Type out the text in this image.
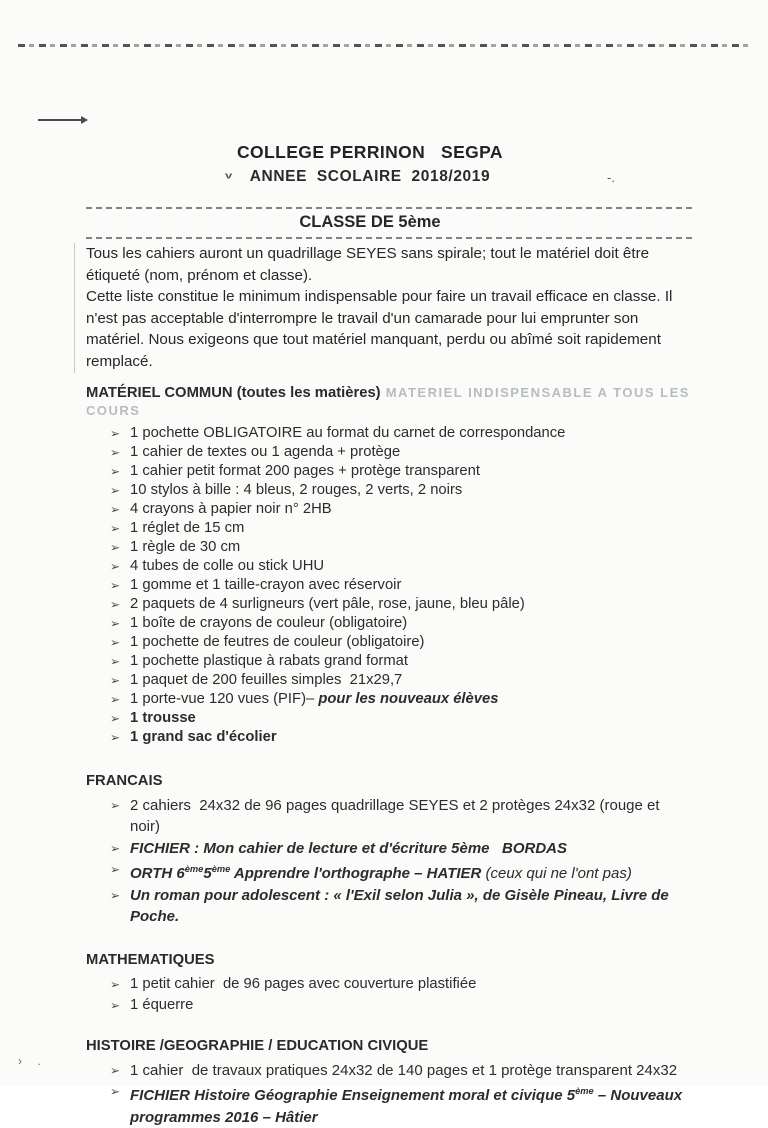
COLLEGE PERRINON   SEGPA
v	ANNEE  SCOLAIRE  2018/2019	-.
CLASSE DE 5ème

Tous les cahiers auront un quadrillage SEYES sans spirale; tout le matériel doit être étiqueté (nom, prénom et classe).

Cette liste constitue le minimum indispensable pour faire un travail efficace en classe. Il n'est pas acceptable d'interrompre le travail d'un camarade pour lui emprunter son matériel. Nous exigeons que tout matériel manquant, perdu ou abîmé soit rapidement remplacé.

MATÉRIEL COMMUN (toutes les matières) MATERIEL INDISPENSABLE A TOUS LES
COURS
➢ 1 pochette OBLIGATOIRE au format du carnet de correspondance
➢ 1 cahier de textes ou 1 agenda + protège
➢ 1 cahier petit format 200 pages + protège transparent
➢ 10 stylos à bille : 4 bleus, 2 rouges, 2 verts, 2 noirs
➢ 4 crayons à papier noir n° 2HB
➢ 1 réglet de 15 cm
➢ 1 règle de 30 cm
➢ 4 tubes de colle ou stick UHU
➢ 1 gomme et 1 taille-crayon avec réservoir
➢ 2 paquets de 4 surligneurs (vert pâle, rose, jaune, bleu pâle)
➢ 1 boîte de crayons de couleur (obligatoire)
➢ 1 pochette de feutres de couleur (obligatoire)
➢ 1 pochette plastique à rabats grand format
➢ 1 paquet de 200 feuilles simples  21x29,7
➢ 1 porte-vue 120 vues (PIF)– pour les nouveaux élèves
➢ 1 trousse
➢ 1 grand sac d'écolier
FRANCAIS
➢ 2 cahiers  24x32 de 96 pages quadrillage SEYES et 2 protèges 24x32 (rouge et noir)
➢ FICHIER : Mon cahier de lecture et d'écriture 5ème   BORDAS
➢ ORTH 6ème5ème Apprendre l'orthographe – HATIER (ceux qui ne l'ont pas)
➢ Un roman pour adolescent : « l'Exil selon Julia », de Gisèle Pineau, Livre de Poche.
MATHEMATIQUES
➢ 1 petit cahier  de 96 pages avec couverture plastifiée
➢ 1 équerre
HISTOIRE /GEOGRAPHIE / EDUCATION CIVIQUE
➢ 1 cahier  de travaux pratiques 24x32 de 140 pages et 1 protège transparent 24x32
➢ FICHIER Histoire Géographie Enseignement moral et civique 5ème – Nouveaux programmes 2016 – Hâtier
› .
